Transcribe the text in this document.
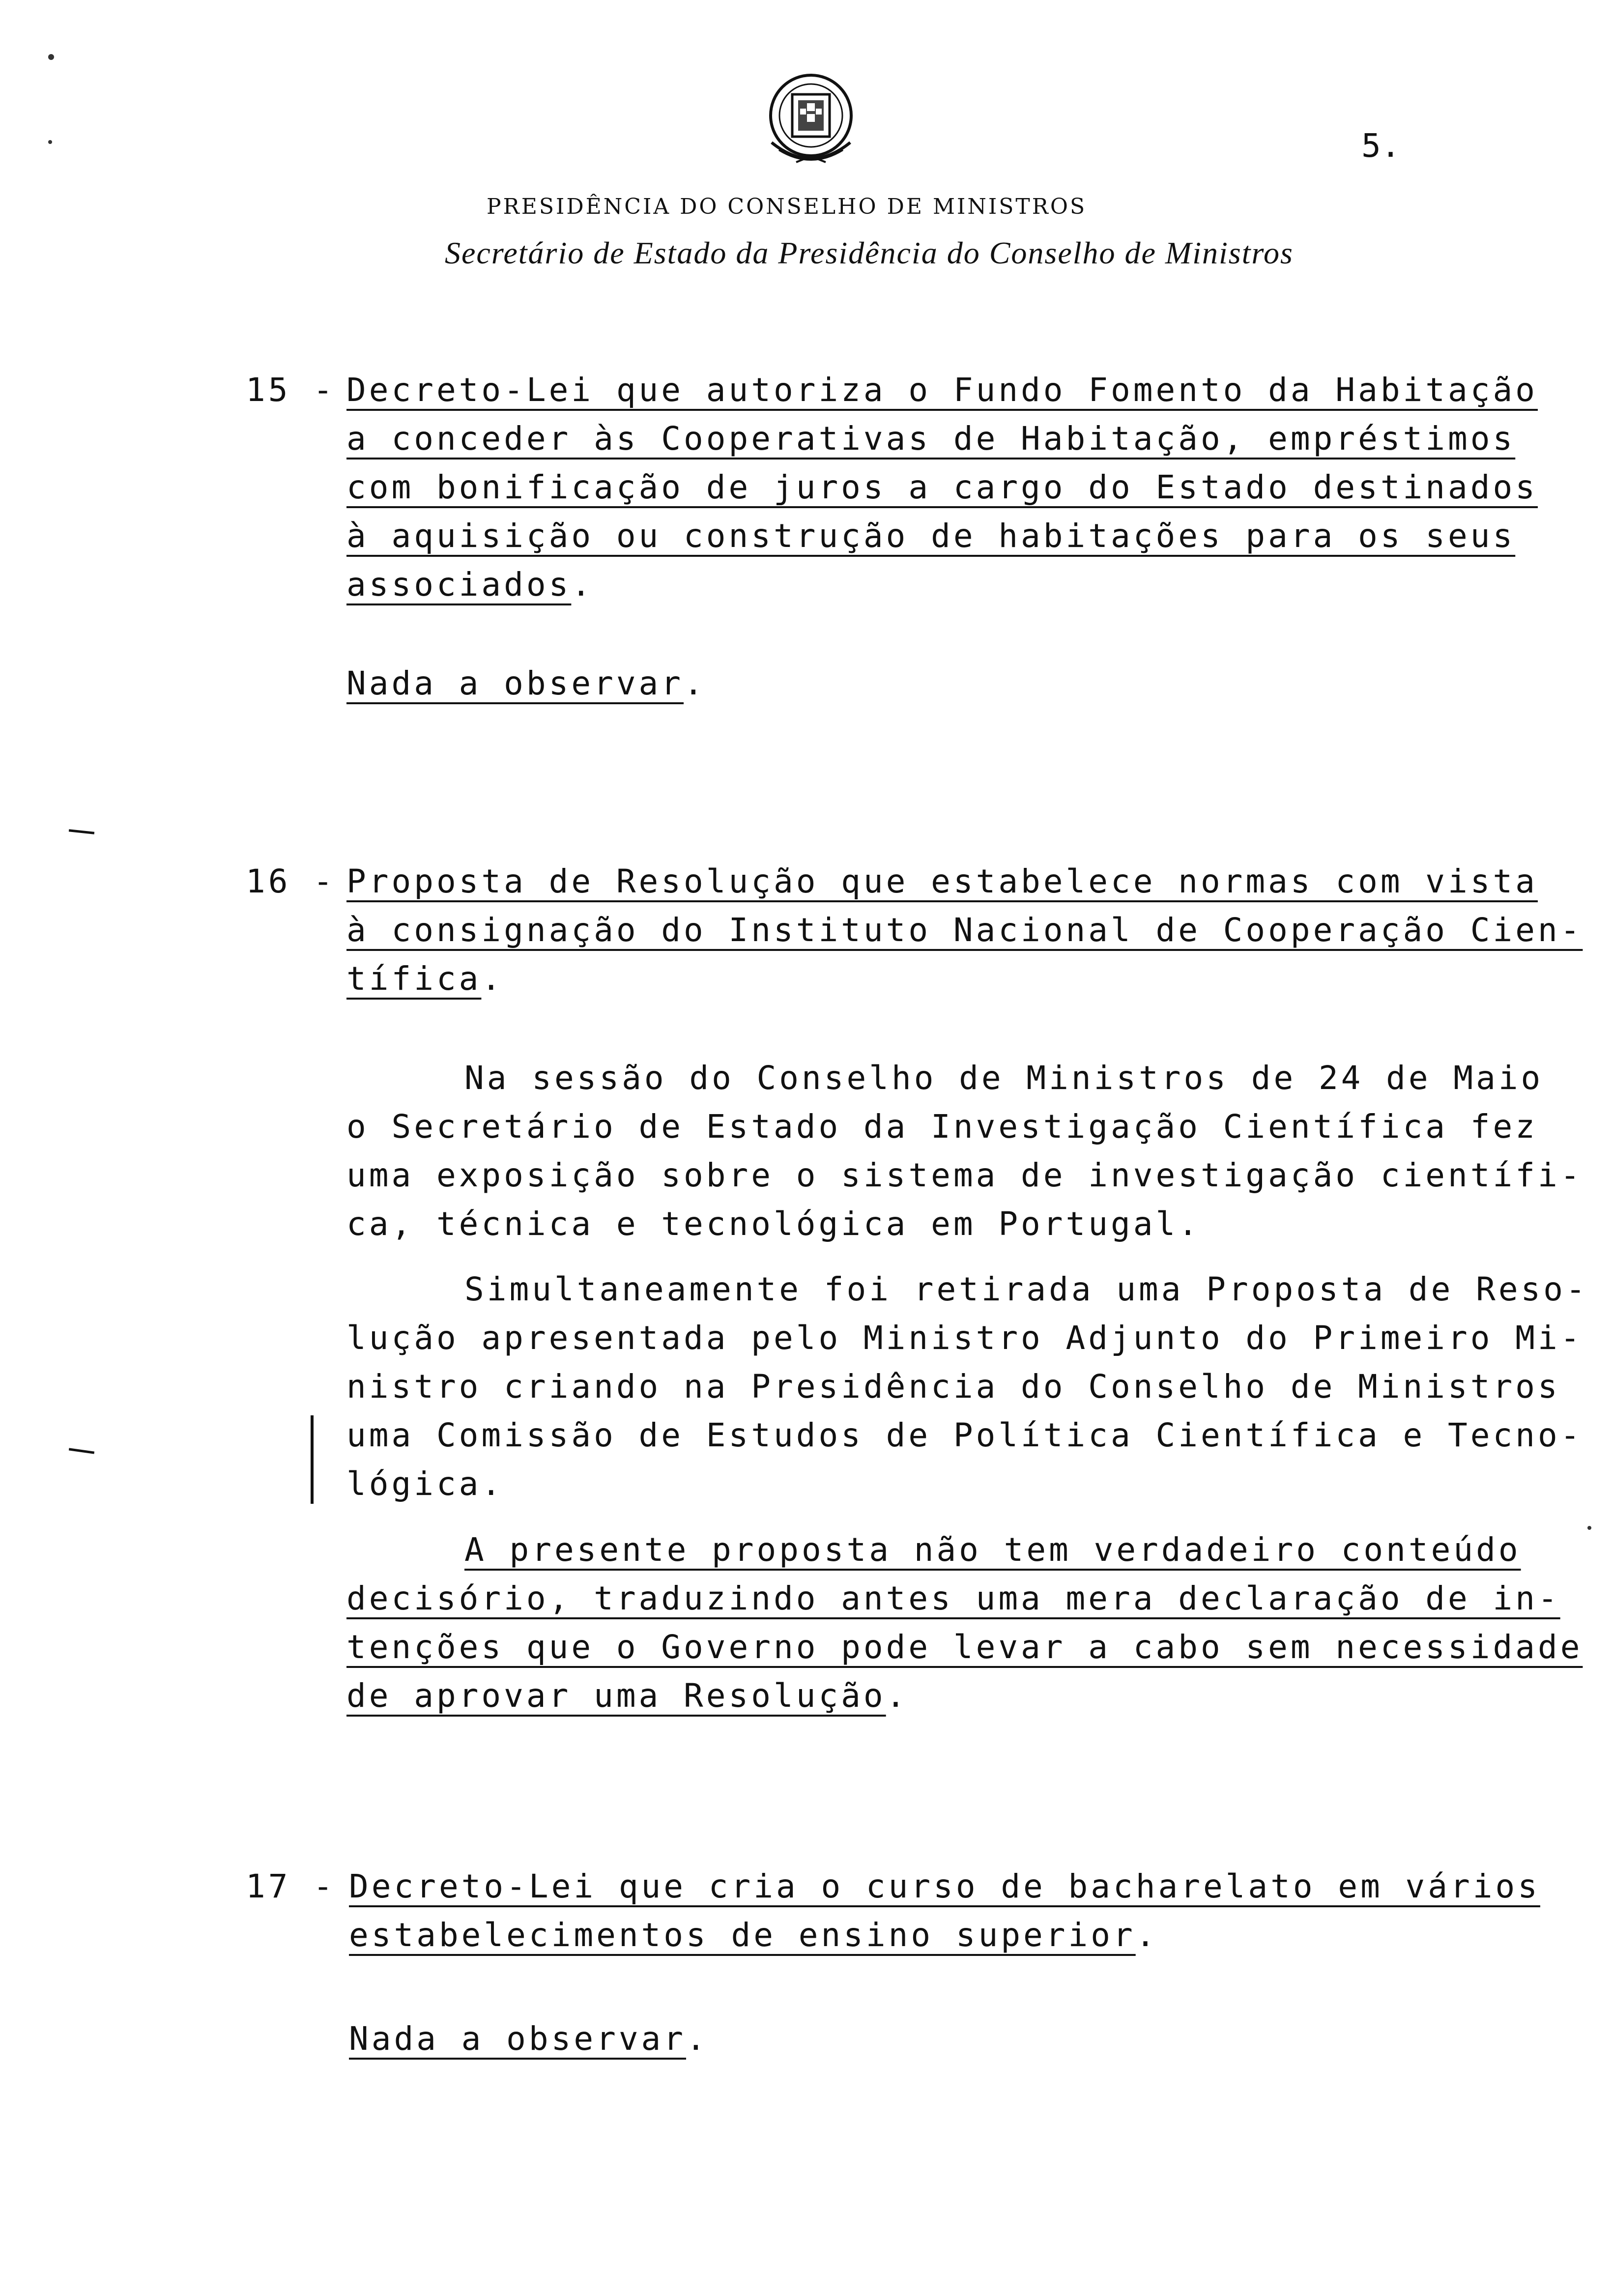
5.
PRESIDÊNCIA DO CONSELHO DE MINISTROS
Secretário de Estado da Presidência do Conselho de Ministros
15 - Decreto-Lei que autoriza o Fundo Fomento da Habitação
a conceder às Cooperativas de Habitação, empréstimos
com bonificação de juros a cargo do Estado destinados
à aquisição ou construção de habitações para os seus
associados.
Nada a observar.
16 - Proposta de Resolução que estabelece normas com vista
à consignação do Instituto Nacional de Cooperação Cien-
tífica.
Na sessão do Conselho de Ministros de 24 de Maio
o Secretário de Estado da Investigação Científica fez
uma exposição sobre o sistema de investigação científi-
ca, técnica e tecnológica em Portugal.
Simultaneamente foi retirada uma Proposta de Reso-
lução apresentada pelo Ministro Adjunto do Primeiro Mi-
nistro criando na Presidência do Conselho de Ministros
uma Comissão de Estudos de Política Científica e Tecno-
lógica.
A presente proposta não tem verdadeiro conteúdo
decisório, traduzindo antes uma mera declaração de in-
tenções que o Governo pode levar a cabo sem necessidade
de aprovar uma Resolução.
17 - Decreto-Lei que cria o curso de bacharelato em vários
estabelecimentos de ensino superior.
Nada a observar.
